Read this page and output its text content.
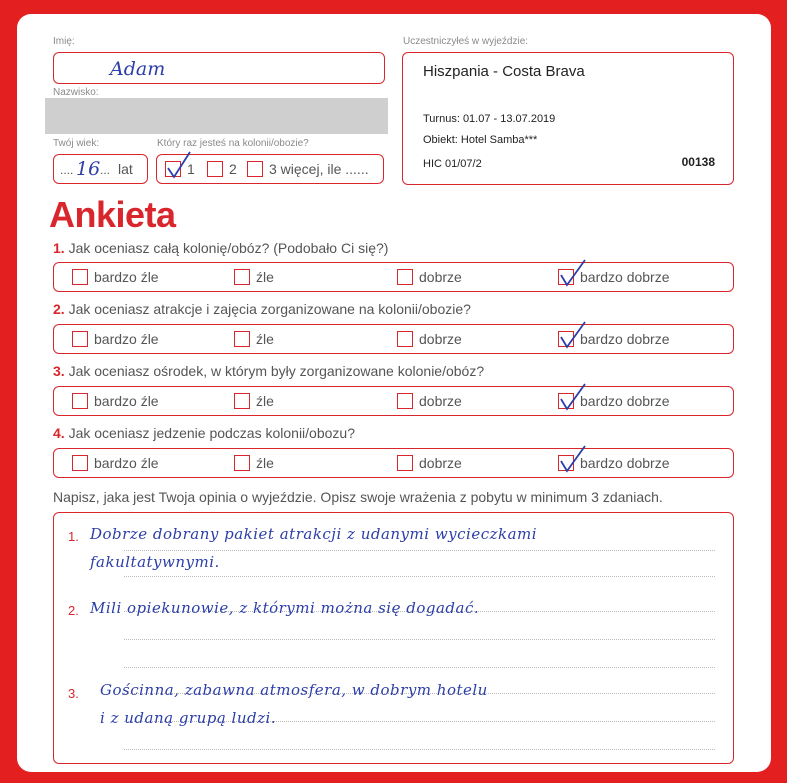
Imię:
Adam
Nazwisko:
Twój wiek:
.... 16 ... lat
Który raz jesteś na kolonii/obozie?
1 2 3 więcej, ile ......
Uczestniczyłeś w wyjeździe:
Hiszpania - Costa Brava
Turnus: 01.07 - 13.07.2019
Obiekt: Hotel Samba***
HIC 01/07/2	00138
Ankieta
1. Jak oceniasz całą kolonię/obóz? (Podobało Ci się?)
bardzo źle	źle	dobrze	bardzo dobrze
2. Jak oceniasz atrakcje i zajęcia zorganizowane na kolonii/obozie?
bardzo źle	źle	dobrze	bardzo dobrze
3. Jak oceniasz ośrodek, w którym były zorganizowane kolonie/obóz?
bardzo źle	źle	dobrze	bardzo dobrze
4. Jak oceniasz jedzenie podczas kolonii/obozu?
bardzo źle	źle	dobrze	bardzo dobrze
Napisz, jaka jest Twoja opinia o wyjeździe. Opisz swoje wrażenia z pobytu w minimum 3 zdaniach.
1. Dobrze dobrany pakiet atrakcji z udanymi wycieczkami
fakultatywnymi.
2. Mili opiekunowie, z którymi można się dogadać.
3. Gościnna, zabawna atmosfera, w dobrym hotelu
i z udaną grupą ludzi.
